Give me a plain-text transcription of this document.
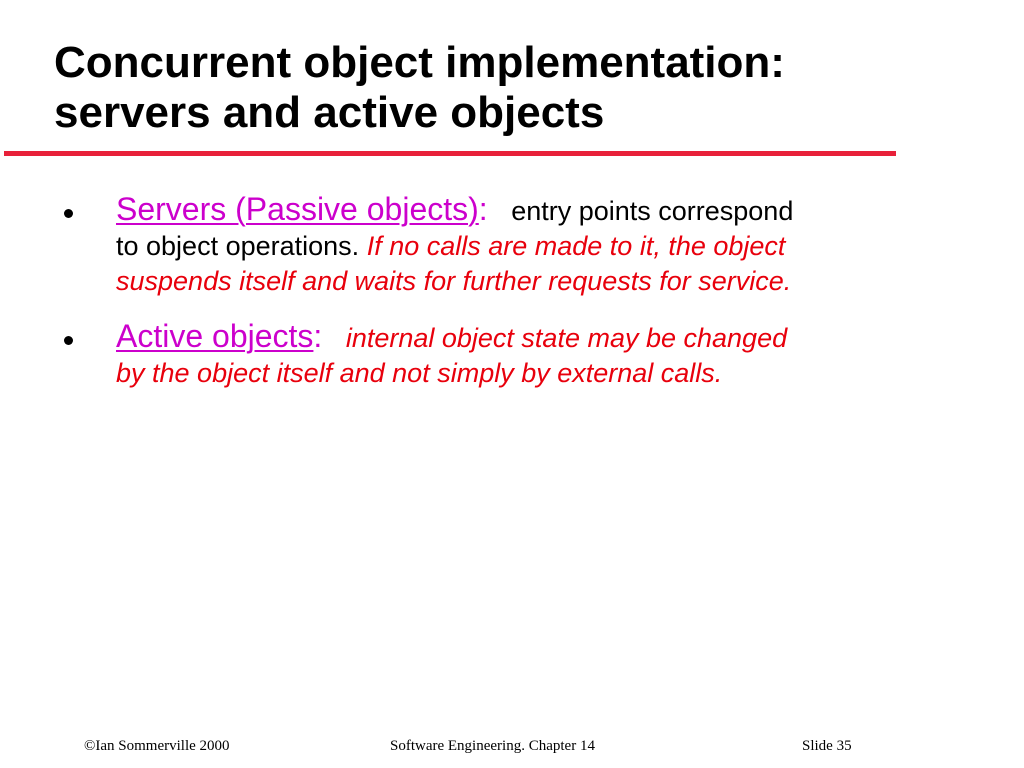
Concurrent object implementation:
servers and active objects
Servers (Passive objects): entry points correspond to object operations. If no calls are made to it, the object suspends itself and waits for further requests for service.
Active objects: internal object state may be changed by the object itself and not simply by external calls.
©Ian Sommerville 2000	Software Engineering. Chapter 14	Slide 35
